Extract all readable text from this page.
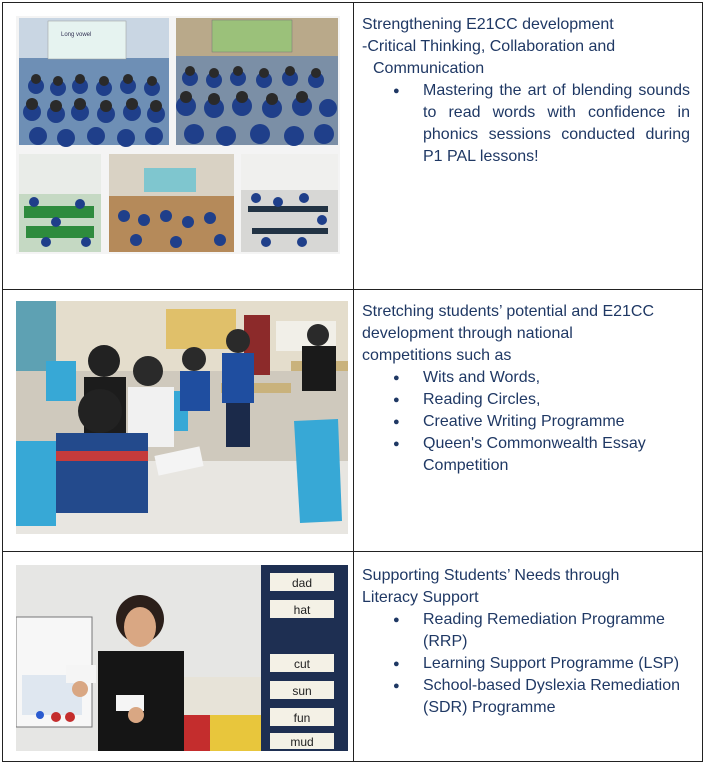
Long vowel
Strengthening E21CC development
-Critical Thinking, Collaboration and
Communication
● Mastering the art of blending sounds to read words with confidence in phonics sessions conducted during P1 PAL lessons!
Stretching students’ potential and E21CC
development through national
competitions such as
● Wits and Words,
● Reading Circles,
● Creative Writing Programme
● Queen's Commonwealth Essay Competition
dad
hat
cut
sun
fun
mud
Supporting Students’ Needs through
Literacy Support
● Reading Remediation Programme (RRP)
● Learning Support Programme (LSP)
● School-based Dyslexia Remediation (SDR) Programme
